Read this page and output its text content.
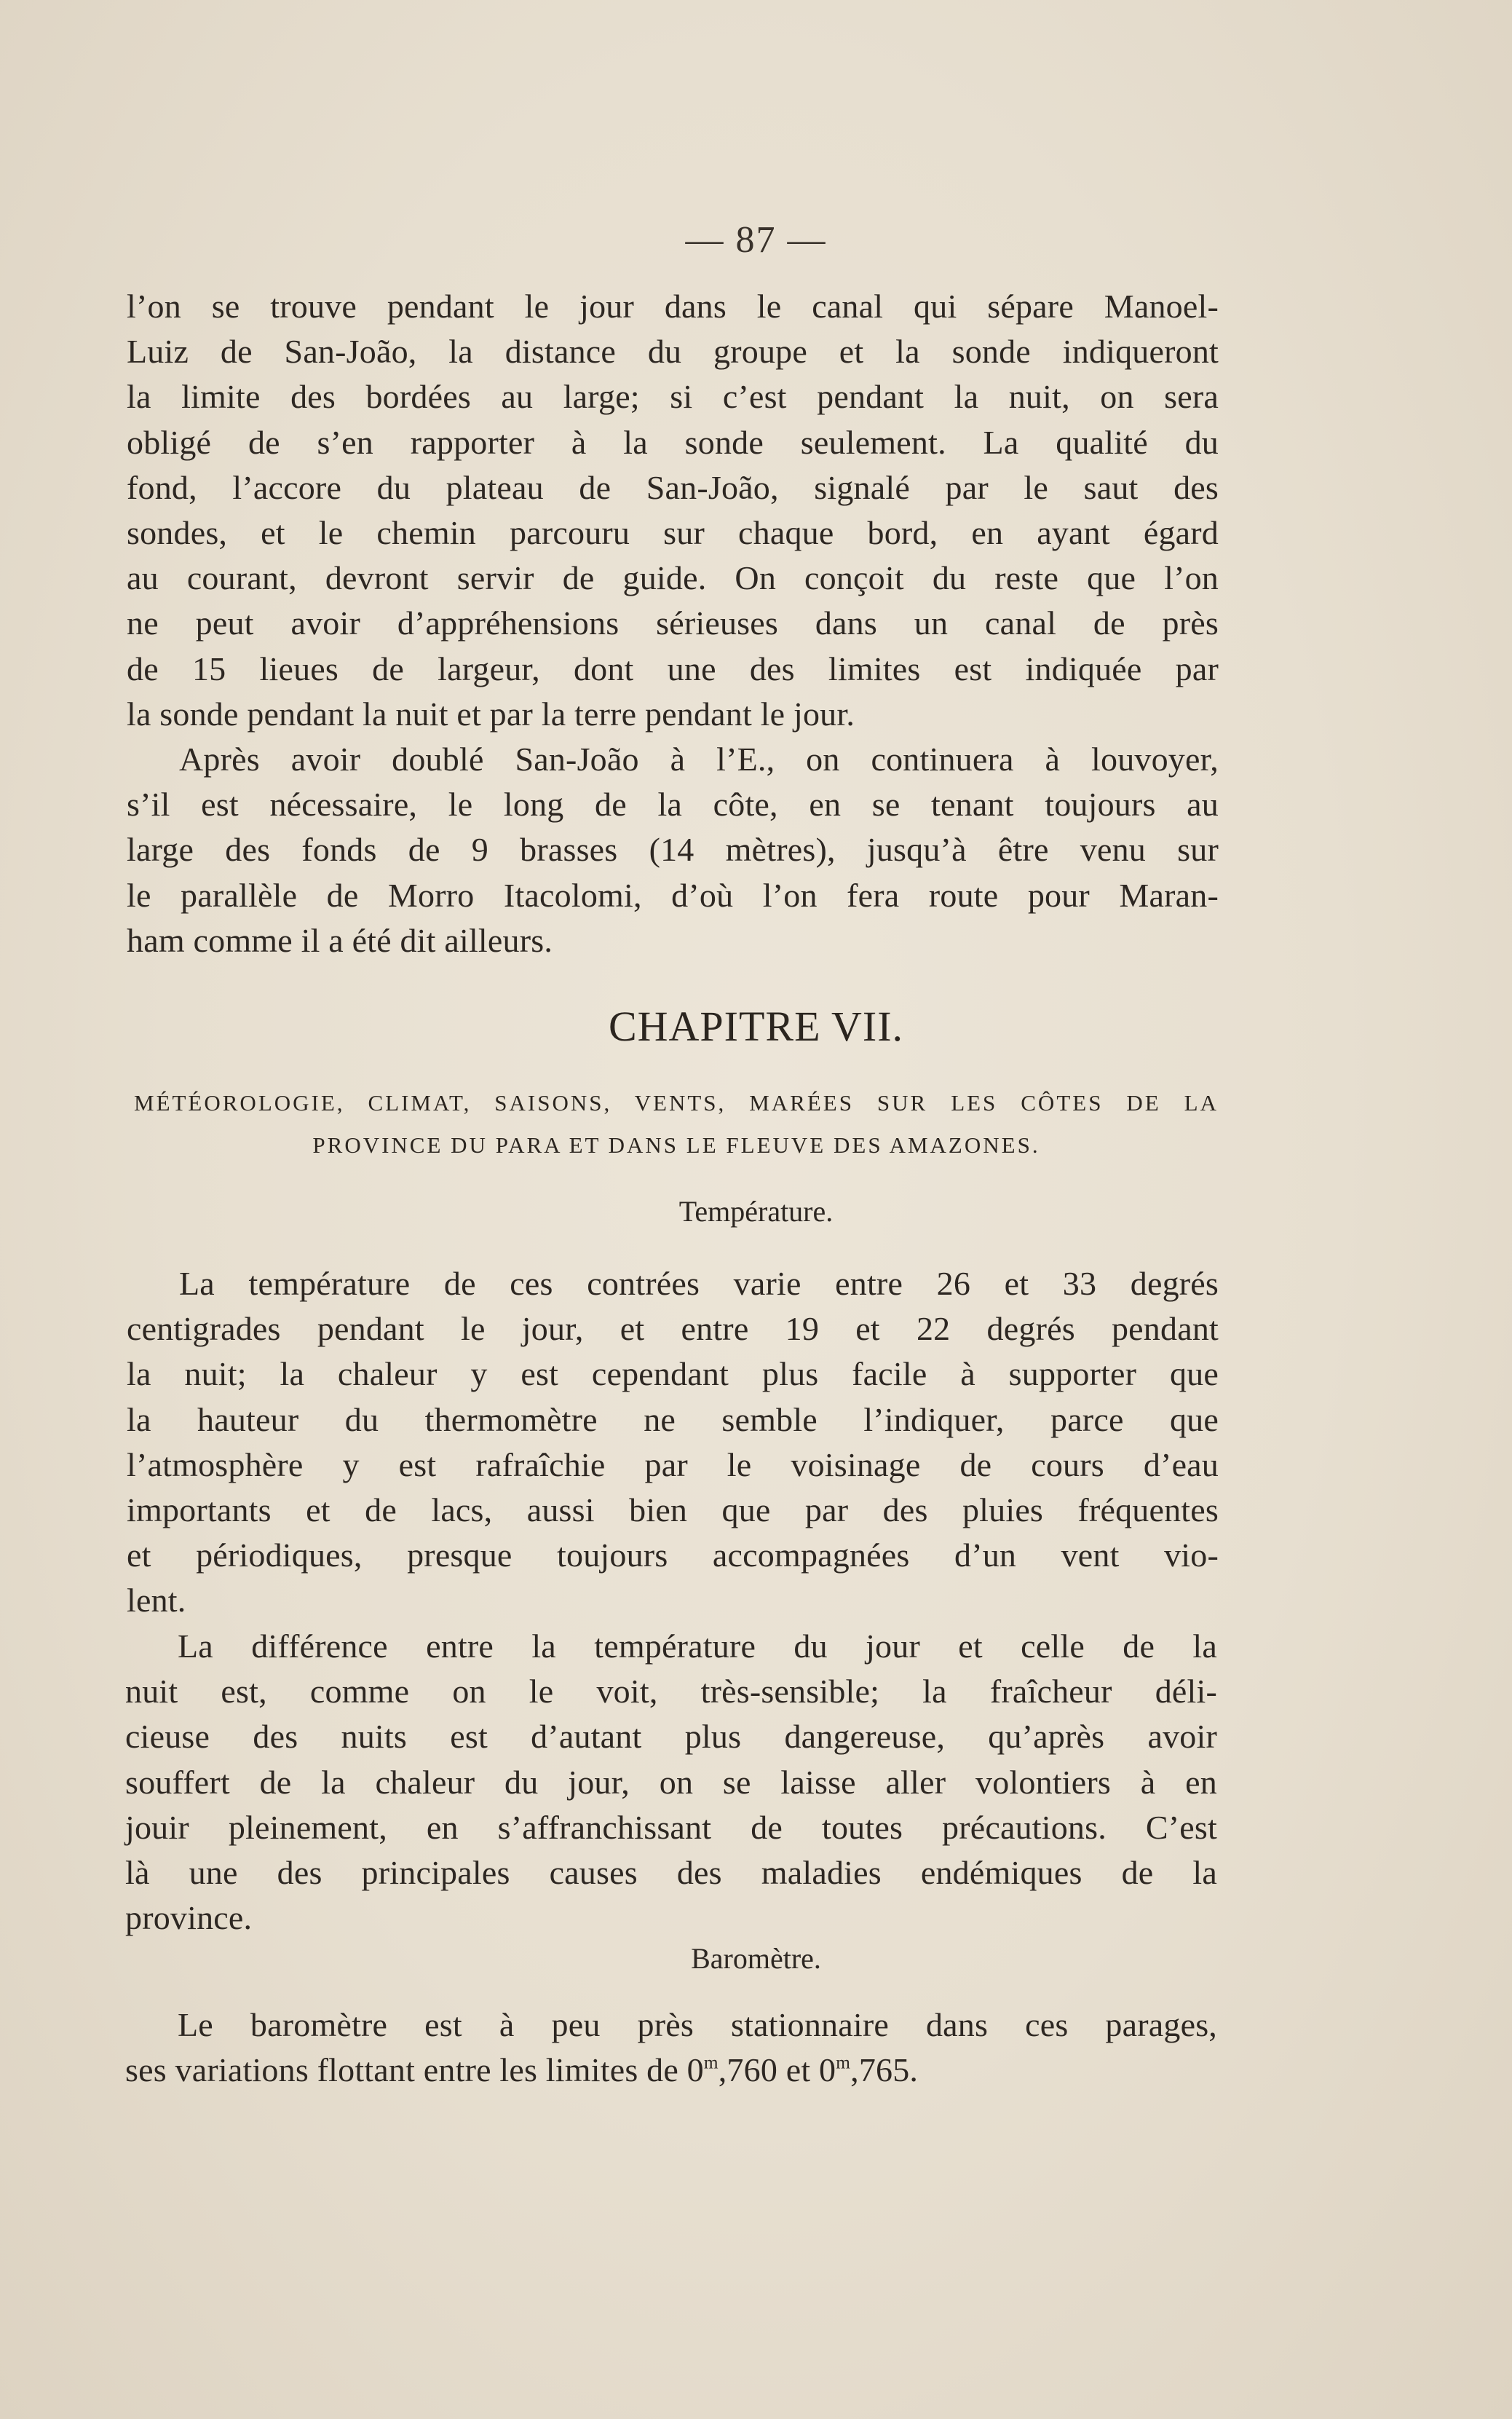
— 87 —
l’on se trouve pendant le jour dans le canal qui sépare Manoel-
Luiz de San-João, la distance du groupe et la sonde indiqueront
la limite des bordées au large; si c’est pendant la nuit, on sera
obligé de s’en rapporter à la sonde seulement. La qualité du
fond, l’accore du plateau de San-João, signalé par le saut des
sondes, et le chemin parcouru sur chaque bord, en ayant égard
au courant, devront servir de guide. On conçoit du reste que l’on
ne peut avoir d’appréhensions sérieuses dans un canal de près
de 15 lieues de largeur, dont une des limites est indiquée par
la sonde pendant la nuit et par la terre pendant le jour.
Après avoir doublé San-João à l’E., on continuera à louvoyer,
s’il est nécessaire, le long de la côte, en se tenant toujours au
large des fonds de 9 brasses (14 mètres), jusqu’à être venu sur
le parallèle de Morro Itacolomi, d’où l’on fera route pour Maran-
ham comme il a été dit ailleurs.
CHAPITRE VII.
MÉTÉOROLOGIE, CLIMAT, SAISONS, VENTS, MARÉES SUR LES CÔTES DE LA
PROVINCE DU PARA ET DANS LE FLEUVE DES AMAZONES.
Température.
La température de ces contrées varie entre 26 et 33 degrés
centigrades pendant le jour, et entre 19 et 22 degrés pendant
la nuit; la chaleur y est cependant plus facile à supporter que
la hauteur du thermomètre ne semble l’indiquer, parce que
l’atmosphère y est rafraîchie par le voisinage de cours d’eau
importants et de lacs, aussi bien que par des pluies fréquentes
et périodiques, presque toujours accompagnées d’un vent vio-
lent.
La différence entre la température du jour et celle de la
nuit est, comme on le voit, très-sensible; la fraîcheur déli-
cieuse des nuits est d’autant plus dangereuse, qu’après avoir
souffert de la chaleur du jour, on se laisse aller volontiers à en
jouir pleinement, en s’affranchissant de toutes précautions. C’est
là une des principales causes des maladies endémiques de la
province.
Baromètre.
Le baromètre est à peu près stationnaire dans ces parages,
ses variations flottant entre les limites de 0$^m$,760 et 0$^m$,765.
